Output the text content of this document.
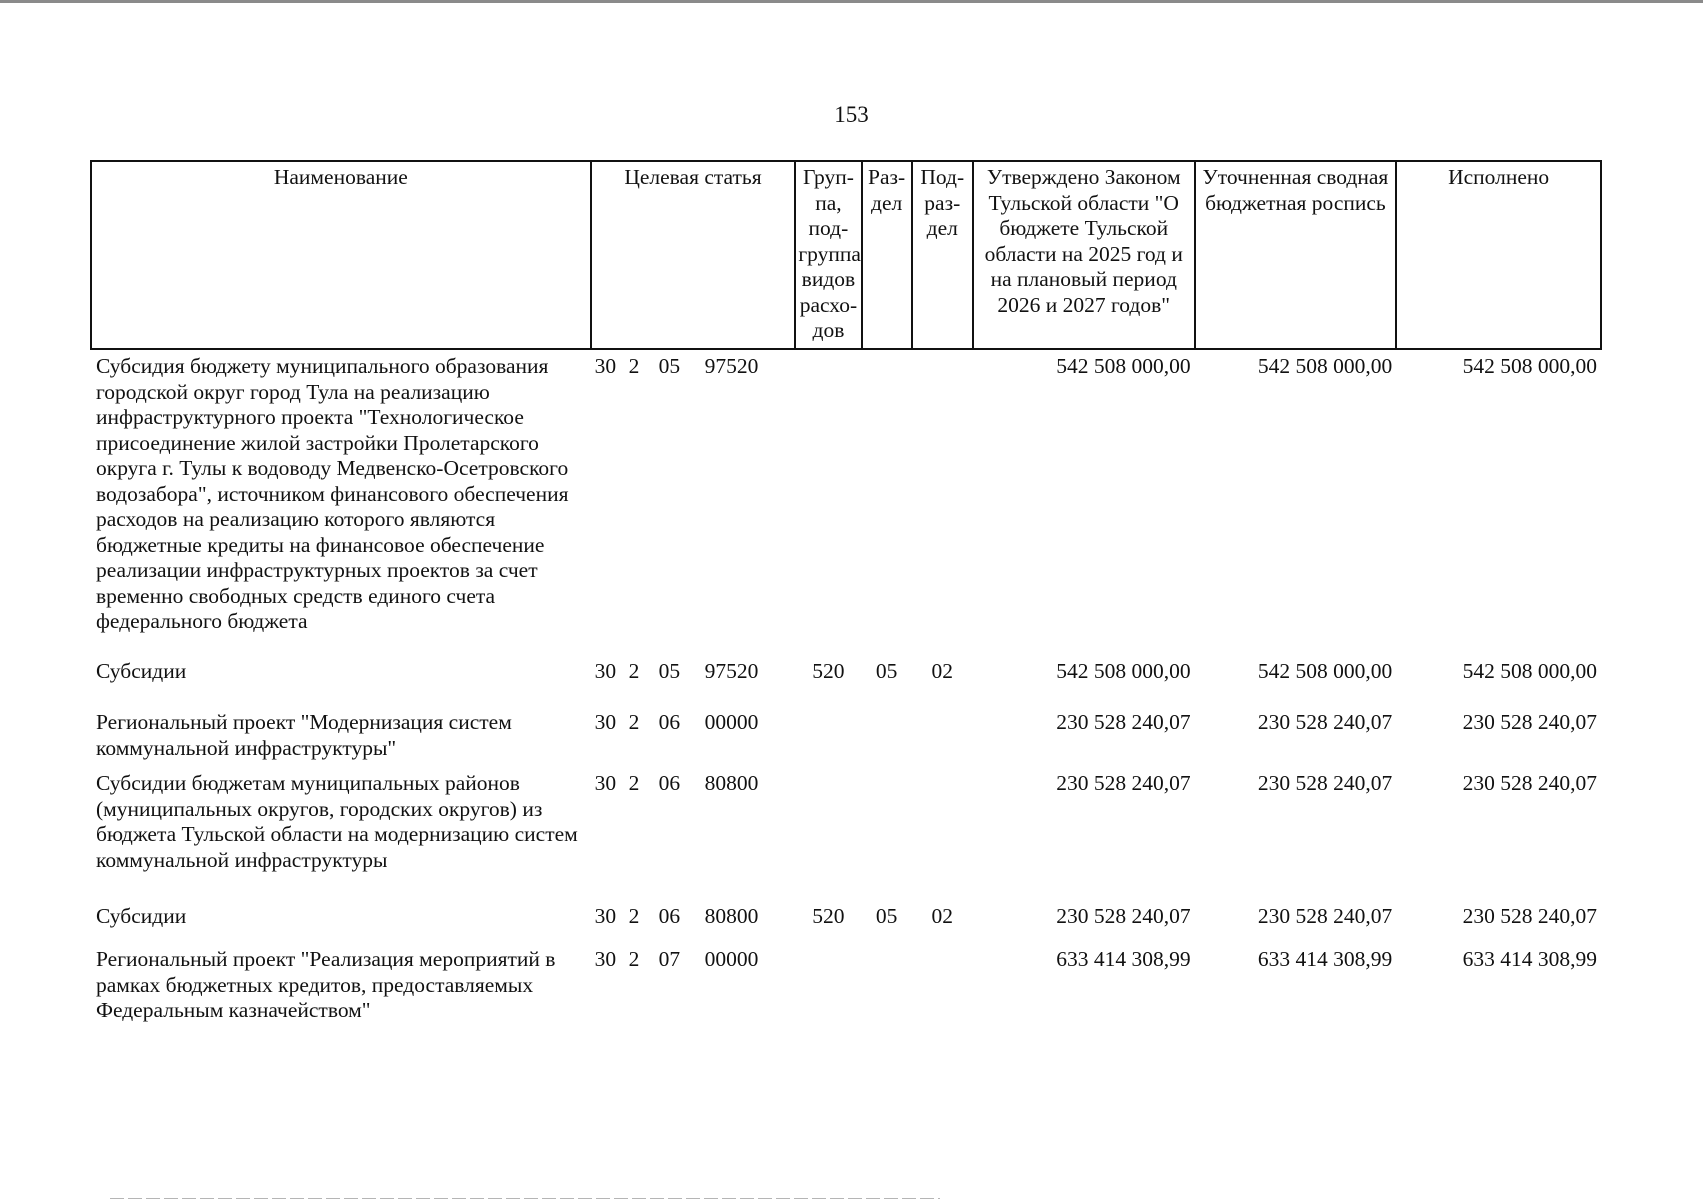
153
Наименование	Целевая статья	Груп-па, под-группа видов расхо-дов	Раз-дел	Под-раз-дел	Утверждено Законом Тульской области "О бюджете Тульской области на 2025 год и на плановый период 2026 и 2027 годов"	Уточненная сводная бюджетная роспись	Исполнено
Субсидия бюджету муниципального образования городской округ город Тула на реализацию инфраструктурного проекта "Технологическое присоединение жилой застройки Пролетарского округа г. Тулы к водоводу Медвенско-Осетровского водозабора", источником финансового обеспечения расходов на реализацию которого являются бюджетные кредиты на финансовое обеспечение реализации инфраструктурных проектов за счет временно свободных средств единого счета федерального бюджета	30 2 05 97520				542 508 000,00	542 508 000,00	542 508 000,00
Субсидии	30 2 05 97520	520	05	02	542 508 000,00	542 508 000,00	542 508 000,00
Региональный проект "Модернизация систем коммунальной инфраструктуры"	30 2 06 00000				230 528 240,07	230 528 240,07	230 528 240,07
Субсидии бюджетам муниципальных районов (муниципальных округов, городских округов) из бюджета Тульской области на модернизацию систем коммунальной инфраструктуры	30 2 06 80800				230 528 240,07	230 528 240,07	230 528 240,07
Субсидии	30 2 06 80800	520	05	02	230 528 240,07	230 528 240,07	230 528 240,07
Региональный проект "Реализация мероприятий в рамках бюджетных кредитов, предоставляемых Федеральным казначейством"	30 2 07 00000				633 414 308,99	633 414 308,99	633 414 308,99
